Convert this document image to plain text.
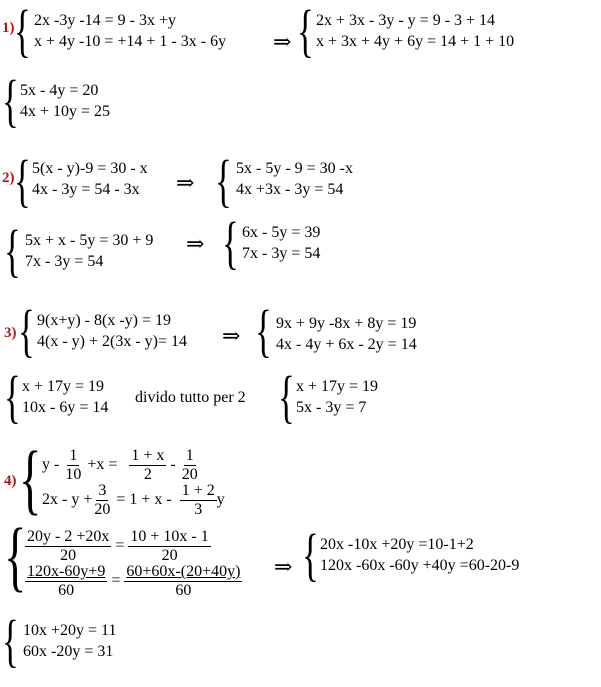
1) { 2x -3y -14 = 9 - 3x +y
x + 4y -10 = +14 + 1 - 3x - 6y ⇒ { 2x + 3x - 3y - y = 9 - 3 + 14
x + 3x + 4y + 6y = 14 + 1 + 10
{ 5x - 4y = 20
4x + 10y = 25
2) { 5(x - y)-9 = 30 - x
4x - 3y = 54 - 3x	⇒ { 5x - 5y - 9 = 30 -x
4x +3x - 3y = 54
{ 5x + x - 5y = 30 + 9
7x - 3y = 54
⇒ { 6x - 5y = 39
7x - 3y = 54
3) { 9(x+y) - 8(x -y) = 19
4(x - y) + 2(3x - y)= 14 ⇒ { 9x + 9y -8x + 8y = 19
4x - 4y + 6x - 2y = 14
{ x + 17y = 19
10x - 6y = 14
divido tutto per 2 { x + 17y = 19
5x - 3y = 7
4) { $y - \frac{1}{10} +x = \frac{1 + x}{2} - \frac{1}{20}$
$2x - y + \frac{3}{20} = 1 + x - \frac{1 + 2}{3}$ y
{
$\frac{20y - 2 +20x}{20} = \frac{10 + 10x - 1}{20}$
$\frac{120x-60y+9}{60} = \frac{60+60x-(20+40y)}{60}$ ⇒ { 20x -10x +20y =10-1+2
120x -60x -60y +40y =60-20-9
{ 10x +20y = 11
60x -20y = 31
